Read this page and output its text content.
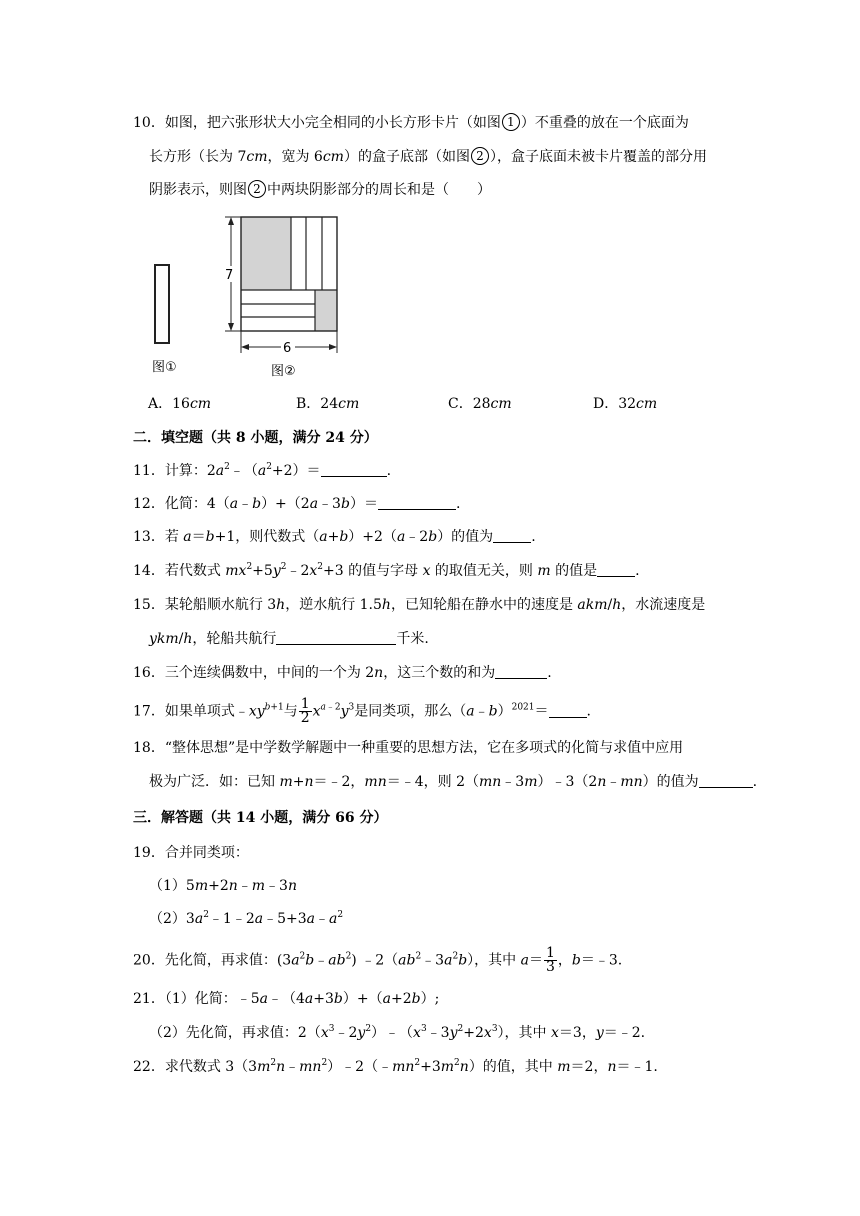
10．如图，把六张形状大小完全相同的小长方形卡片（如图 1 ）不重叠的放在一个底面为
长方形（长为 7cm，宽为 6cm）的盒子底部（如图 2 ），盒子底面未被卡片覆盖的部分用
阴影表示，则图 2 中两块阴影部分的周长和是（　　）
图①
7
6
图②
A．16cm	B．24cm	C．28cm	D．32cm
二．填空题（共 8 小题，满分 24 分）
11．计算：$2a^2﹣(a^2+2)=$	.
12．化简：4（a﹣b）+（2a﹣3b）＝	.
13．若 a＝b+1，则代数式（a+b）+2（a﹣2b）的值为	.
14．若代数式 $mx^2+5y^2﹣2x^2+3$ 的值与字母 x 的取值无关，则 m 的值是	.
15．某轮船顺水航行 3h，逆水航行 1.5h，已知轮船在静水中的速度是 akm/h，水流速度是
ykm/h，轮船共航行	千米.
16．三个连续偶数中，中间的一个为 2n，这三个数的和为	.
17．如果单项式$﹣xy^{b+1}$与 $\frac{1}{2} x^{a﹣2}y^3$是同类项，那么（a﹣b）$^{2021}$＝	.
18．“整体思想”是中学数学解题中一种重要的思想方法，它在多项式的化简与求值中应用
极为广泛．如：已知 m+n＝﹣2，mn＝﹣4，则 2（mn﹣3m）﹣3（2n﹣mn）的值为	.
三．解答题（共 14 小题，满分 66 分）
19．合并同类项：
（1）5m+2n﹣m﹣3n
$(2)3a^2﹣1﹣2a﹣5+3a﹣a^2$
20．先化简，再求值：$(3a^2b﹣ab^2)$ $﹣2(ab^2﹣3a^2b)$，其中 $a= \frac{1}{3}$ ，b＝﹣3.
21．（1）化简：﹣5a﹣（4a+3b）+（a+2b）;
（2）先化简，再求值：$2(x^3﹣2y^2)﹣(x^3﹣3y^2+2x^3)$，其中 x＝3，y＝﹣2.
22．求代数式 $3(3m^2n﹣mn^2)﹣2(﹣mn^2+3m^2n)$的值，其中 m＝2，n＝﹣1.
